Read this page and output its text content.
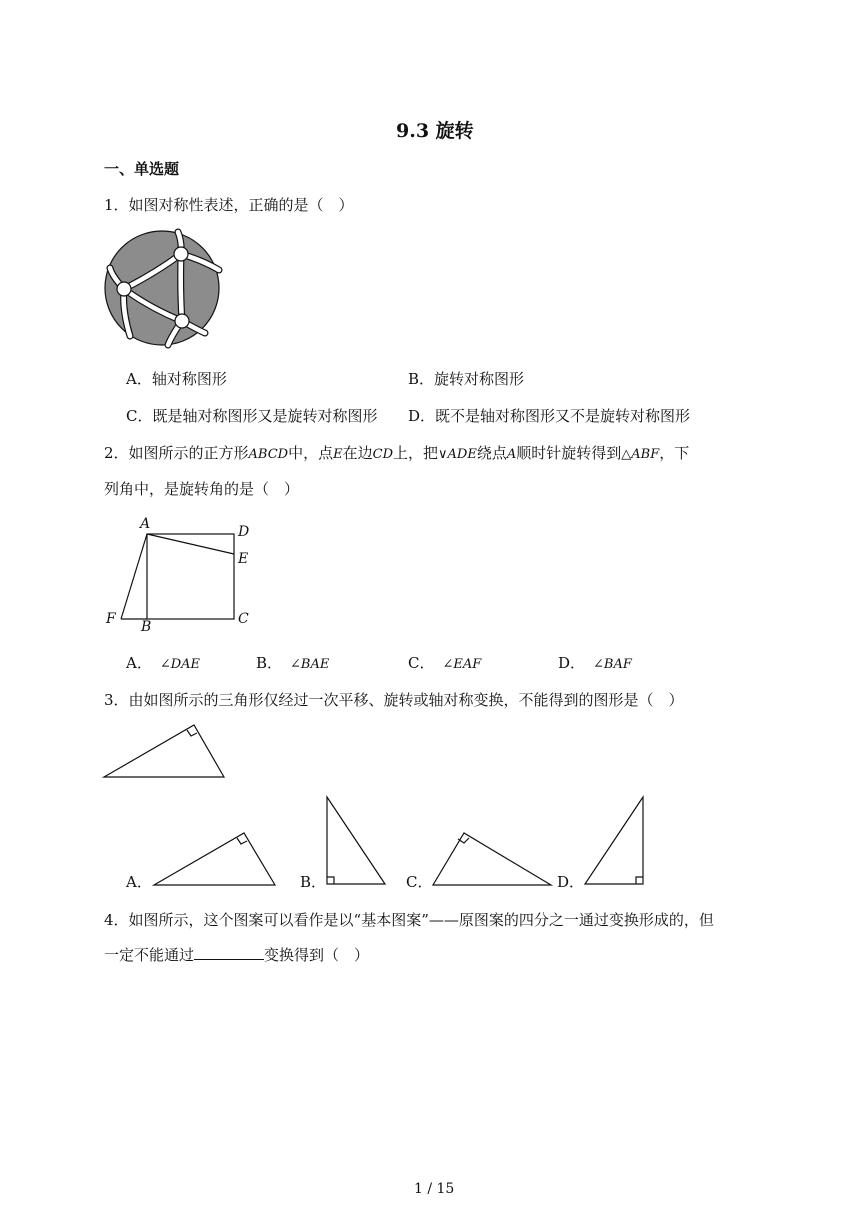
9.3 旋转
一、单选题
1．如图对称性表述，正确的是（　）
A．轴对称图形	B．旋转对称图形
C．既是轴对称图形又是旋转对称图形 D．既不是轴对称图形又不是旋转对称图形
2．如图所示的正方形ABCD中，点E在边CD上，把∨ADE绕点A顺时针旋转得到△ABF，下
列角中，是旋转角的是（　）
A	D
E
F B	C
A． ∠DAE	B． ∠BAE	C． ∠EAF	D． ∠BAF
3．由如图所示的三角形仅经过一次平移、旋转或轴对称变换，不能得到的图形是（　）
A．	B．	C．	D．
4．如图所示，这个图案可以看作是以“基本图案”——原图案的四分之一通过变换形成的，但
一定不能通过	变换得到（　）
1 / 15
